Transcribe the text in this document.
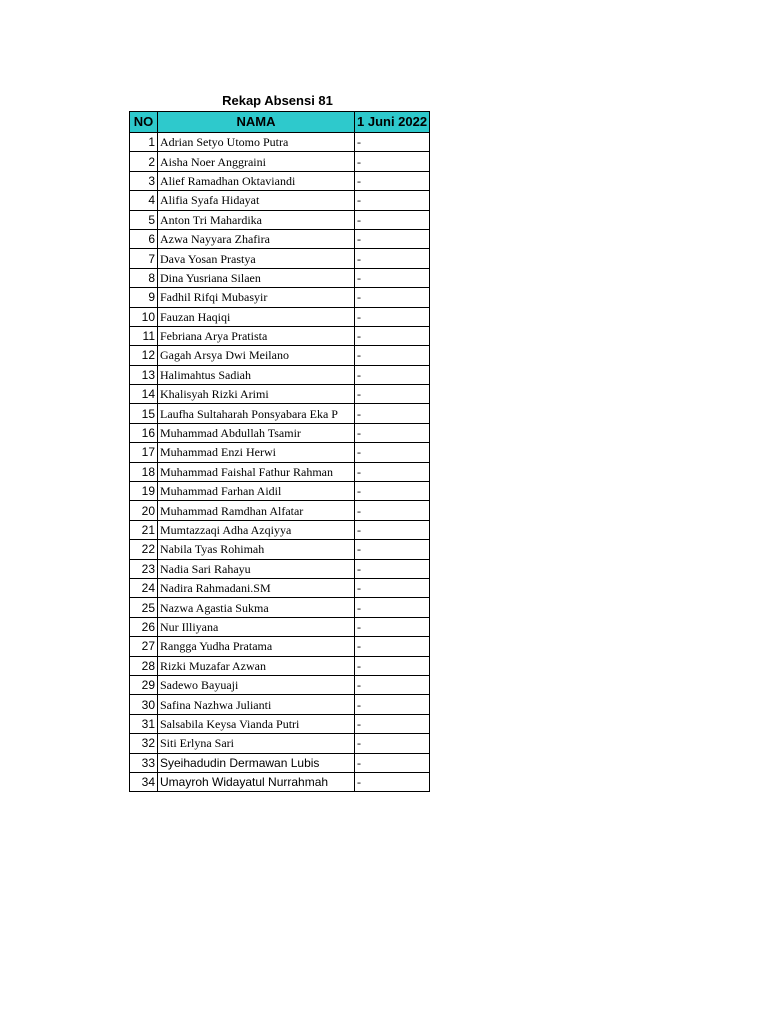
Rekap Absensi 81
NO	NAMA	1 Juni 2022
1	Adrian Setyo Utomo Putra	-
2	Aisha Noer Anggraini	-
3	Alief Ramadhan Oktaviandi	-
4	Alifia Syafa Hidayat	-
5	Anton Tri Mahardika	-
6	Azwa Nayyara Zhafira	-
7	Dava Yosan Prastya	-
8	Dina Yusriana Silaen	-
9	Fadhil Rifqi Mubasyir	-
10	Fauzan Haqiqi	-
11	Febriana Arya Pratista	-
12	Gagah Arsya Dwi Meilano	-
13	Halimahtus Sadiah	-
14	Khalisyah Rizki Arimi	-
15	Laufha Sultaharah Ponsyabara Eka P	-
16	Muhammad Abdullah Tsamir	-
17	Muhammad Enzi Herwi	-
18	Muhammad Faishal Fathur Rahman	-
19	Muhammad Farhan Aidil	-
20	Muhammad Ramdhan Alfatar	-
21	Mumtazzaqi Adha Azqiyya	-
22	Nabila Tyas Rohimah	-
23	Nadia Sari Rahayu	-
24	Nadira Rahmadani.SM	-
25	Nazwa Agastia Sukma	-
26	Nur Illiyana	-
27	Rangga Yudha Pratama	-
28	Rizki Muzafar Azwan	-
29	Sadewo Bayuaji	-
30	Safina Nazhwa Julianti	-
31	Salsabila Keysa Vianda Putri	-
32	Siti Erlyna Sari	-
33	Syeihadudin Dermawan Lubis	-
34	Umayroh Widayatul Nurrahmah	-
